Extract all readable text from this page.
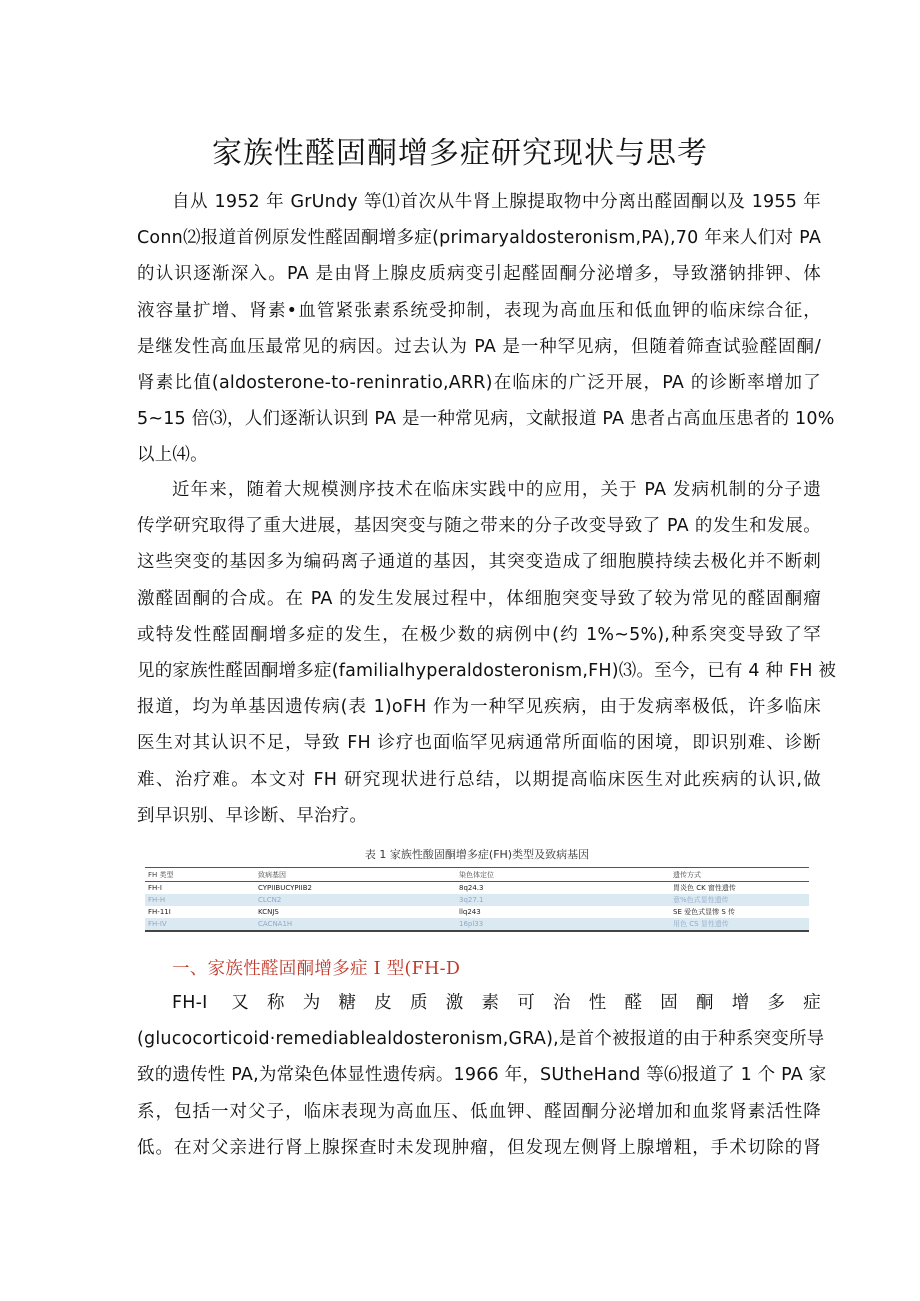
家族性醛固酮增多症研究现状与思考
自从 1952 年 GrUndy 等⑴首次从牛肾上腺提取物中分离出醛固酮以及 1955 年
Conn⑵报道首例原发性醛固酮增多症(primaryaldosteronism,PA),70 年来人们对 PA
的认识逐渐深入。PA 是由肾上腺皮质病变引起醛固酮分泌增多，导致潴钠排钾、体
液容量扩增、肾素•血管紧张素系统受抑制，表现为高血压和低血钾的临床综合征，
是继发性高血压最常见的病因。过去认为 PA 是一种罕见病，但随着筛查试验醛固酮/
肾素比值(aldosterone-to-reninratio,ARR)在临床的广泛开展，PA 的诊断率增加了
5~15 倍⑶，人们逐渐认识到 PA 是一种常见病，文献报道 PA 患者占高血压患者的 10%
以上⑷。
近年来，随着大规模测序技术在临床实践中的应用，关于 PA 发病机制的分子遗
传学研究取得了重大进展，基因突变与随之带来的分子改变导致了 PA 的发生和发展。
这些突变的基因多为编码离子通道的基因，其突变造成了细胞膜持续去极化并不断刺
激醛固酮的合成。在 PA 的发生发展过程中，体细胞突变导致了较为常见的醛固酮瘤
或特发性醛固酮增多症的发生，在极少数的病例中(约 1%~5%),种系突变导致了罕
见的家族性醛固酮增多症(familialhyperaldosteronism,FH)⑶。至今，已有 4 种 FH 被
报道，均为单基因遗传病(表 1)oFH 作为一种罕见疾病，由于发病率极低，许多临床
医生对其认识不足，导致 FH 诊疗也面临罕见病通常所面临的困境，即识别难、诊断
难、治疗难。本文对 FH 研究现状进行总结，以期提高临床医生对此疾病的认识,做
到早识别、早诊断、早治疗。
表 1 家族性酸固酮增多症(FH)类型及致病基因
FH 类型	致病基因	染色体定位	遗传方式
FH-I	CYPIIBUCYPIIB2	8q24.3	胃炎色 CK 窗性遗传
FH-H	CLCN2	3q27.1	意%色式显性遗传
FH-11I	KCNJS	llq243	SE 爱色式显惨 S 传
FH-IV	CACNA1H	16pl33	用色 CS 显性遗传
一、家族性醛固酮增多症 I 型(FH-D
FH-I 又称为糖皮质激素可治性醛固酮增多症
(glucocorticoid·remediablealdosteronism,GRA),是首个被报道的由于种系突变所导
致的遗传性 PA,为常染色体显性遗传病。1966 年，SUtheHand 等⑹报道了 1 个 PA 家
系，包括一对父子，临床表现为高血压、低血钾、醛固酮分泌增加和血浆肾素活性降
低。在对父亲进行肾上腺探查时未发现肿瘤，但发现左侧肾上腺增粗，手术切除的肾
